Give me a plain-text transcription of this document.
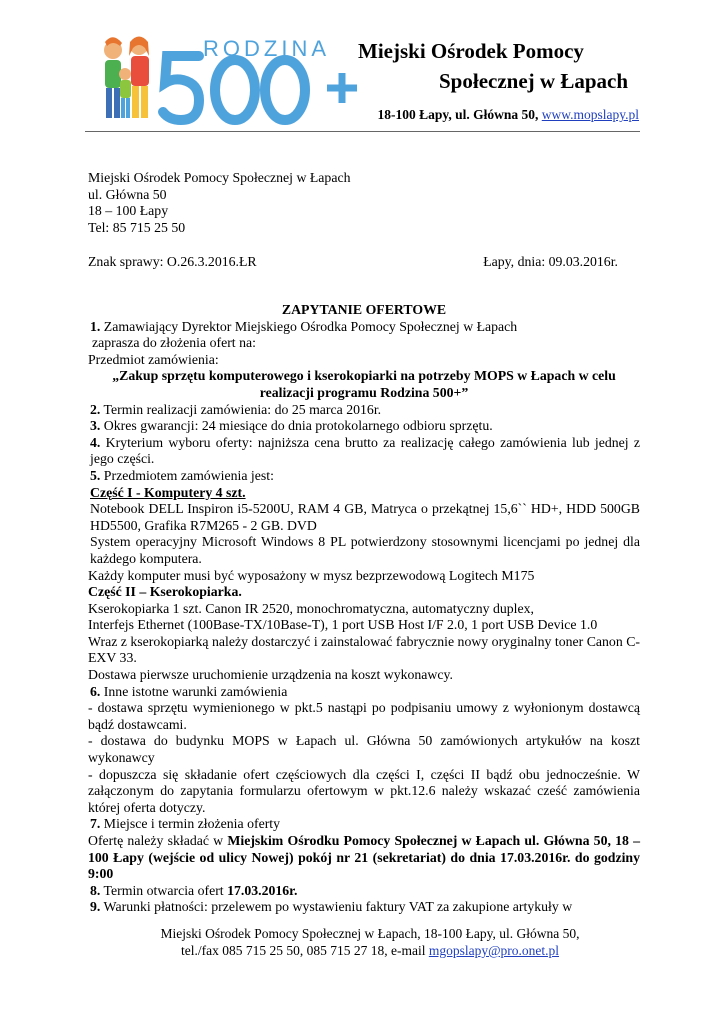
RODZINA Miejski Ośrodek Pomocy
Społecznej w Łapach
18-100 Łapy, ul. Główna 50, www.mopslapy.pl
Miejski Ośrodek Pomocy Społecznej w Łapach
ul. Główna 50
18 – 100 Łapy
Tel: 85 715 25 50
Znak sprawy: O.26.3.2016.ŁR	Łapy, dnia: 09.03.2016r.

ZAPYTANIE OFERTOWE

1. Zamawiający Dyrektor Miejskiego Ośrodka Pomocy Społecznej w Łapach

zaprasza do złożenia ofert na:

Przedmiot zamówienia:

„Zakup sprzętu komputerowego i kserokopiarki na potrzeby MOPS w Łapach w celu realizacji programu Rodzina 500+”

2. Termin realizacji zamówienia: do 25 marca 2016r.

3. Okres gwarancji: 24 miesiące do dnia protokolarnego odbioru sprzętu.

4. Kryterium wyboru oferty: najniższa cena brutto za realizację całego zamówienia lub jednej z jego części.

5. Przedmiotem zamówienia jest:

Część I - Komputery 4 szt.

Notebook DELL Inspiron i5-5200U, RAM 4 GB, Matryca o przekątnej 15,6`` HD+, HDD 500GB HD5500, Grafika R7M265 - 2 GB. DVD

System operacyjny Microsoft Windows 8 PL potwierdzony stosownymi licencjami po jednej dla każdego komputera.

Każdy komputer musi być wyposażony w mysz bezprzewodową Logitech M175

Część II – Kserokopiarka.

Kserokopiarka 1 szt. Canon IR 2520, monochromatyczna, automatyczny duplex,

Interfejs Ethernet (100Base-TX/10Base-T), 1 port USB Host I/F 2.0, 1 port USB Device 1.0

Wraz z kserokopiarką należy dostarczyć i zainstalować fabrycznie nowy oryginalny toner Canon C-EXV 33.

Dostawa pierwsze uruchomienie urządzenia na koszt wykonawcy.

6. Inne istotne warunki zamówienia

- dostawa sprzętu wymienionego w pkt.5 nastąpi po podpisaniu umowy z wyłonionym dostawcą bądź dostawcami.

- dostawa do budynku MOPS w Łapach ul. Główna 50 zamówionych artykułów na koszt wykonawcy

- dopuszcza się składanie ofert częściowych dla części I, części II bądź obu jednocześnie. W załączonym do zapytania formularzu ofertowym w pkt.12.6 należy wskazać cześć zamówienia której oferta dotyczy.

7. Miejsce i termin złożenia oferty

Ofertę należy składać w Miejskim Ośrodku Pomocy Społecznej w Łapach ul. Główna 50, 18 – 100 Łapy (wejście od ulicy Nowej) pokój nr 21 (sekretariat) do dnia 17.03.2016r. do godziny 9:00

8. Termin otwarcia ofert 17.03.2016r.

9. Warunki płatności: przelewem po wystawieniu faktury VAT za zakupione artykuły w

Miejski Ośrodek Pomocy Społecznej w Łapach, 18-100 Łapy, ul. Główna 50,
tel./fax 085 715 25 50, 085 715 27 18, e-mail mgopslapy@pro.onet.pl
